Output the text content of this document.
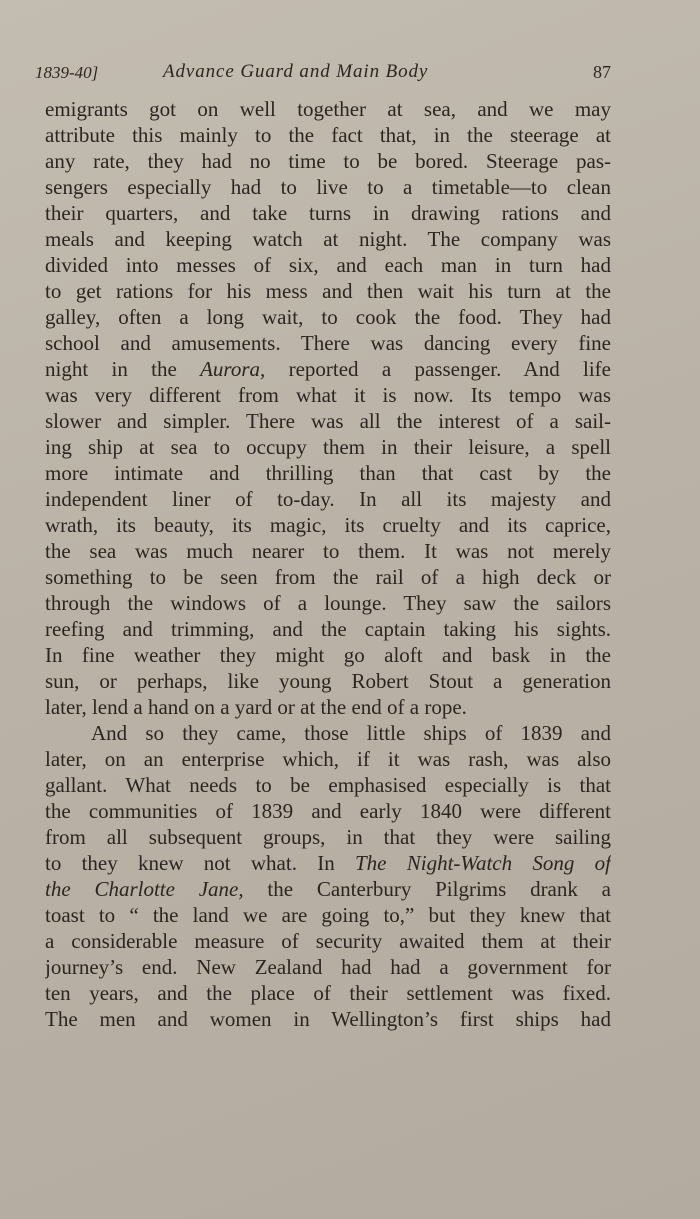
1839-40]	Advance Guard and Main Body	87
emigrants got on well together at sea, and we may
attribute this mainly to the fact that, in the steerage at
any rate, they had no time to be bored. Steerage pas-
sengers especially had to live to a timetable—to clean
their quarters, and take turns in drawing rations and
meals and keeping watch at night. The company was
divided into messes of six, and each man in turn had
to get rations for his mess and then wait his turn at the
galley, often a long wait, to cook the food. They had
school and amusements. There was dancing every fine
night in the Aurora, reported a passenger. And life
was very different from what it is now. Its tempo was
slower and simpler. There was all the interest of a sail-
ing ship at sea to occupy them in their leisure, a spell
more intimate and thrilling than that cast by the
independent liner of to-day. In all its majesty and
wrath, its beauty, its magic, its cruelty and its caprice,
the sea was much nearer to them. It was not merely
something to be seen from the rail of a high deck or
through the windows of a lounge. They saw the sailors
reefing and trimming, and the captain taking his sights.
In fine weather they might go aloft and bask in the
sun, or perhaps, like young Robert Stout a generation
later, lend a hand on a yard or at the end of a rope.
And so they came, those little ships of 1839 and
later, on an enterprise which, if it was rash, was also
gallant. What needs to be emphasised especially is that
the communities of 1839 and early 1840 were different
from all subsequent groups, in that they were sailing
to they knew not what. In The Night-Watch Song of
the Charlotte Jane, the Canterbury Pilgrims drank a
toast to “ the land we are going to,” but they knew that
a considerable measure of security awaited them at their
journey’s end. New Zealand had had a government for
ten years, and the place of their settlement was fixed.
The men and women in Wellington’s first ships had
